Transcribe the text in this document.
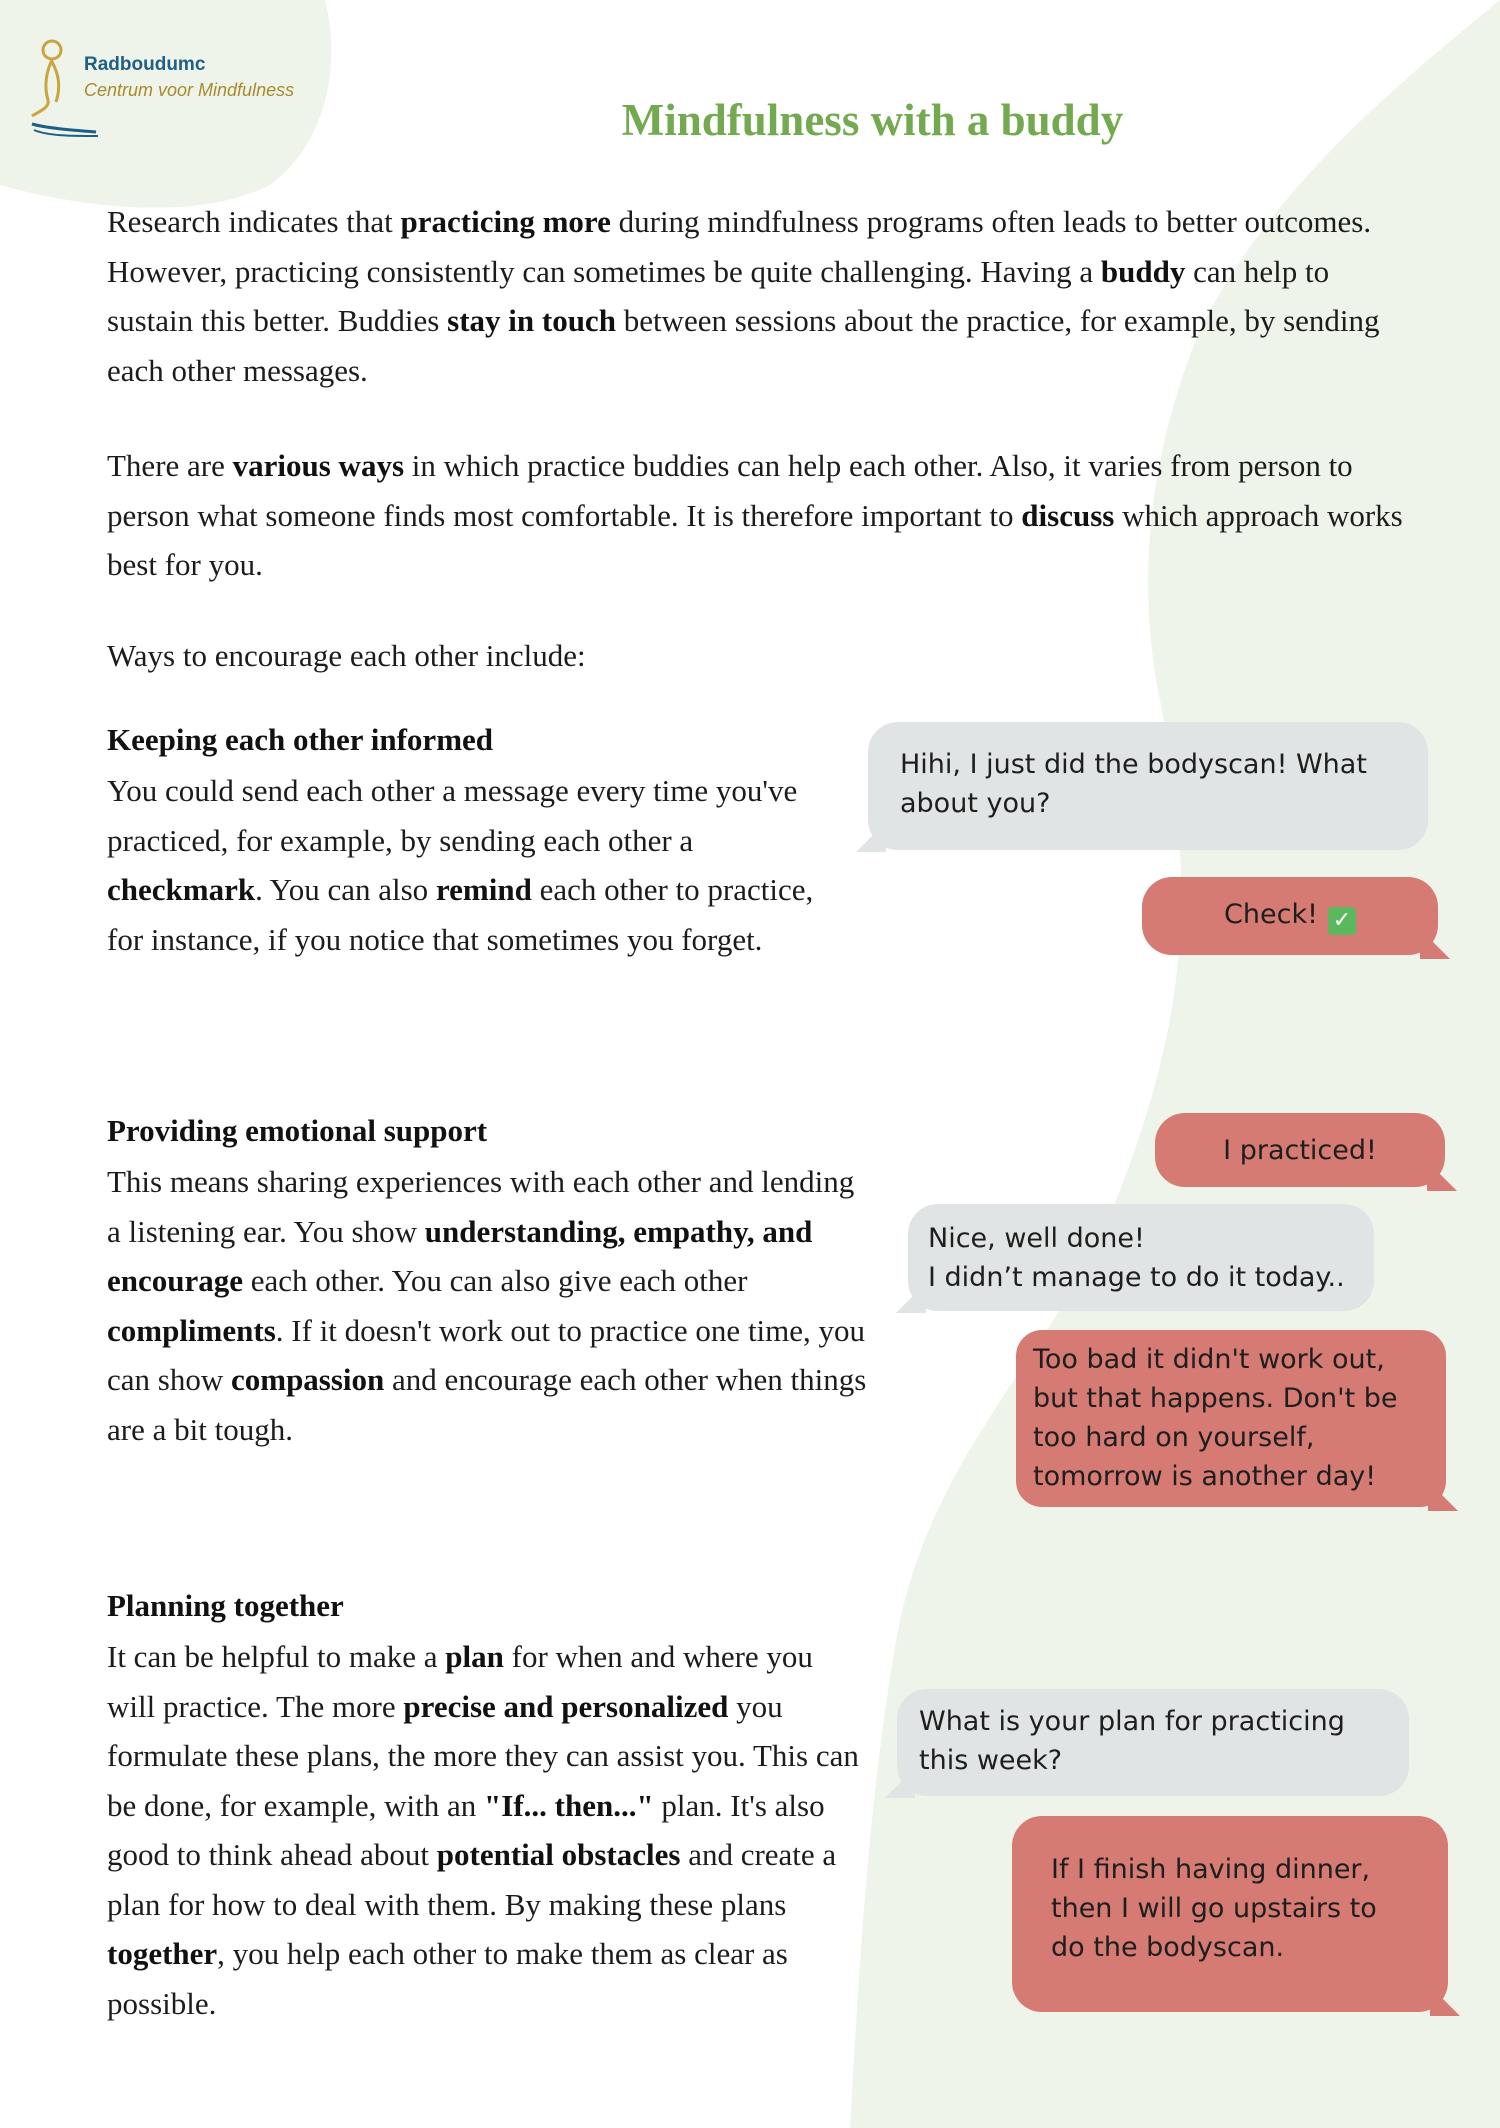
Radboudumc
Centrum voor Mindfulness
Mindfulness with a buddy
Research indicates that practicing more during mindfulness programs often leads to better outcomes. However, practicing consistently can sometimes be quite challenging. Having a buddy can help to sustain this better. Buddies stay in touch between sessions about the practice, for example, by sending each other messages.
There are various ways in which practice buddies can help each other. Also, it varies from person to person what someone finds most comfortable. It is therefore important to discuss which approach works best for you.
Ways to encourage each other include:
Keeping each other informed
You could send each other a message every time you've practiced, for example, by sending each other a checkmark. You can also remind each other to practice, for instance, if you notice that sometimes you forget.
Providing emotional support
This means sharing experiences with each other and lending a listening ear. You show understanding, empathy, and encourage each other. You can also give each other compliments. If it doesn't work out to practice one time, you can show compassion and encourage each other when things are a bit tough.
Planning together
It can be helpful to make a plan for when and where you will practice. The more precise and personalized you formulate these plans, the more they can assist you. This can be done, for example, with an "If... then..." plan. It's also good to think ahead about potential obstacles and create a plan for how to deal with them. By making these plans together, you help each other to make them as clear as possible.
Hihi, I just did the bodyscan! What about you?
Check! ✓
I practiced!
Nice, well done!
I didn’t manage to do it today..
Too bad it didn't work out, but that happens. Don't be too hard on yourself, tomorrow is another day!
What is your plan for practicing this week?
If I finish having dinner, then I will go upstairs to do the bodyscan.
